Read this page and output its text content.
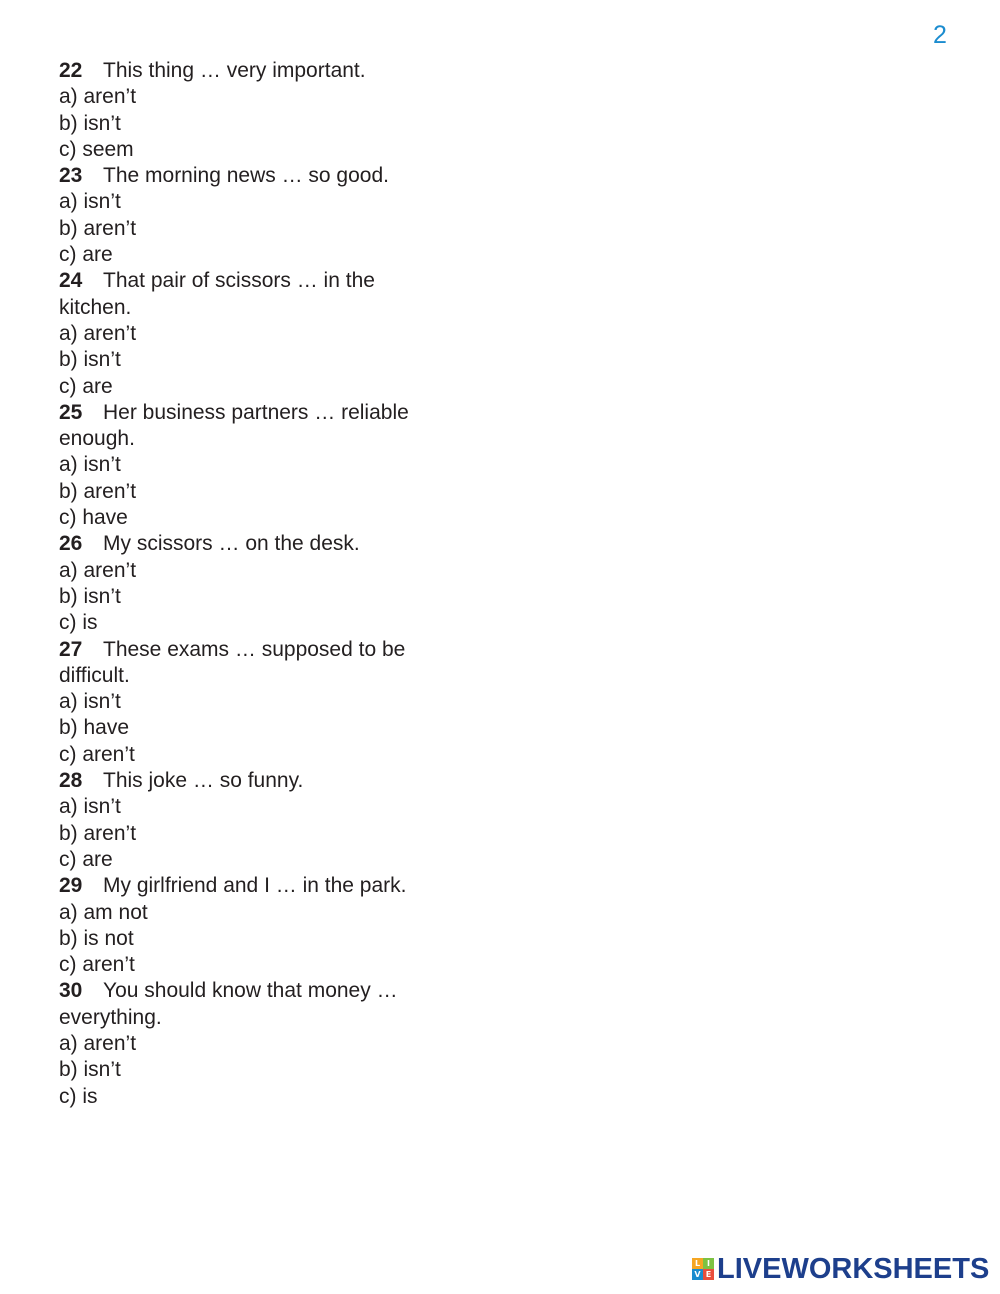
2
22 This thing … very important.
a) aren’t
b) isn’t
c) seem
23 The morning news … so good.
a) isn’t
b) aren’t
c) are
24 That pair of scissors … in the
kitchen.
a) aren’t
b) isn’t
c) are
25 Her business partners … reliable
enough.
a) isn’t
b) aren’t
c) have
26 My scissors … on the desk.
a) aren’t
b) isn’t
c) is
27 These exams … supposed to be
difficult.
a) isn’t
b) have
c) aren’t
28 This joke … so funny.
a) isn’t
b) aren’t
c) are
29 My girlfriend and I … in the park.
a) am not
b) is not
c) aren’t
30 You should know that money …
everything.
a) aren’t
b) isn’t
c) is
L I
V E LIVEWORKSHEETS
